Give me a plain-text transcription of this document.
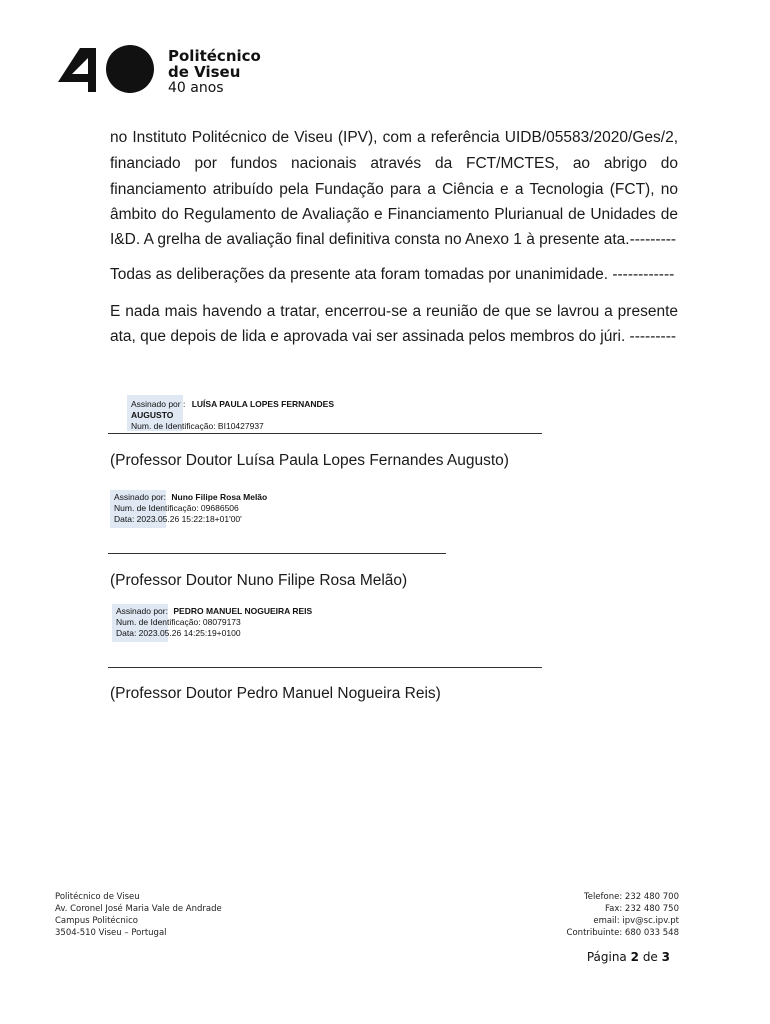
Politécnico
de Viseu
40 anos
no Instituto Politécnico de Viseu (IPV), com a referência UIDB/05583/2020/Ges/2,
financiado por fundos nacionais através da FCT/MCTES, ao abrigo do
financiamento atribuído pela Fundação para a Ciência e a Tecnologia (FCT), no
âmbito do Regulamento de Avaliação e Financiamento Plurianual de Unidades de
I&D. A grelha de avaliação final definitiva consta no Anexo 1 à presente ata.---------
Todas as deliberações da presente ata foram tomadas por unanimidade. ------------
E nada mais havendo a tratar, encerrou-se a reunião de que se lavrou a presente
ata, que depois de lida e aprovada vai ser assinada pelos membros do júri. ---------
Assinado por : LUÍSA PAULA LOPES FERNANDES
AUGUSTO
Num. de Identificação: BI10427937
(Professor Doutor Luísa Paula Lopes Fernandes Augusto)
Assinado por: Nuno Filipe Rosa Melão
Num. de Identificação: 09686506
Data: 2023.05.26 15:22:18+01'00'
(Professor Doutor Nuno Filipe Rosa Melão)
Assinado por: PEDRO MANUEL NOGUEIRA REIS
Num. de Identificação: 08079173
Data: 2023.05.26 14:25:19+0100
(Professor Doutor Pedro Manuel Nogueira Reis)
Politécnico de Viseu
Av. Coronel José Maria Vale de Andrade
Campus Politécnico
3504-510 Viseu – Portugal
Telefone: 232 480 700
Fax: 232 480 750
email: ipv@sc.ipv.pt
Contribuinte: 680 033 548
Página 2 de 3
